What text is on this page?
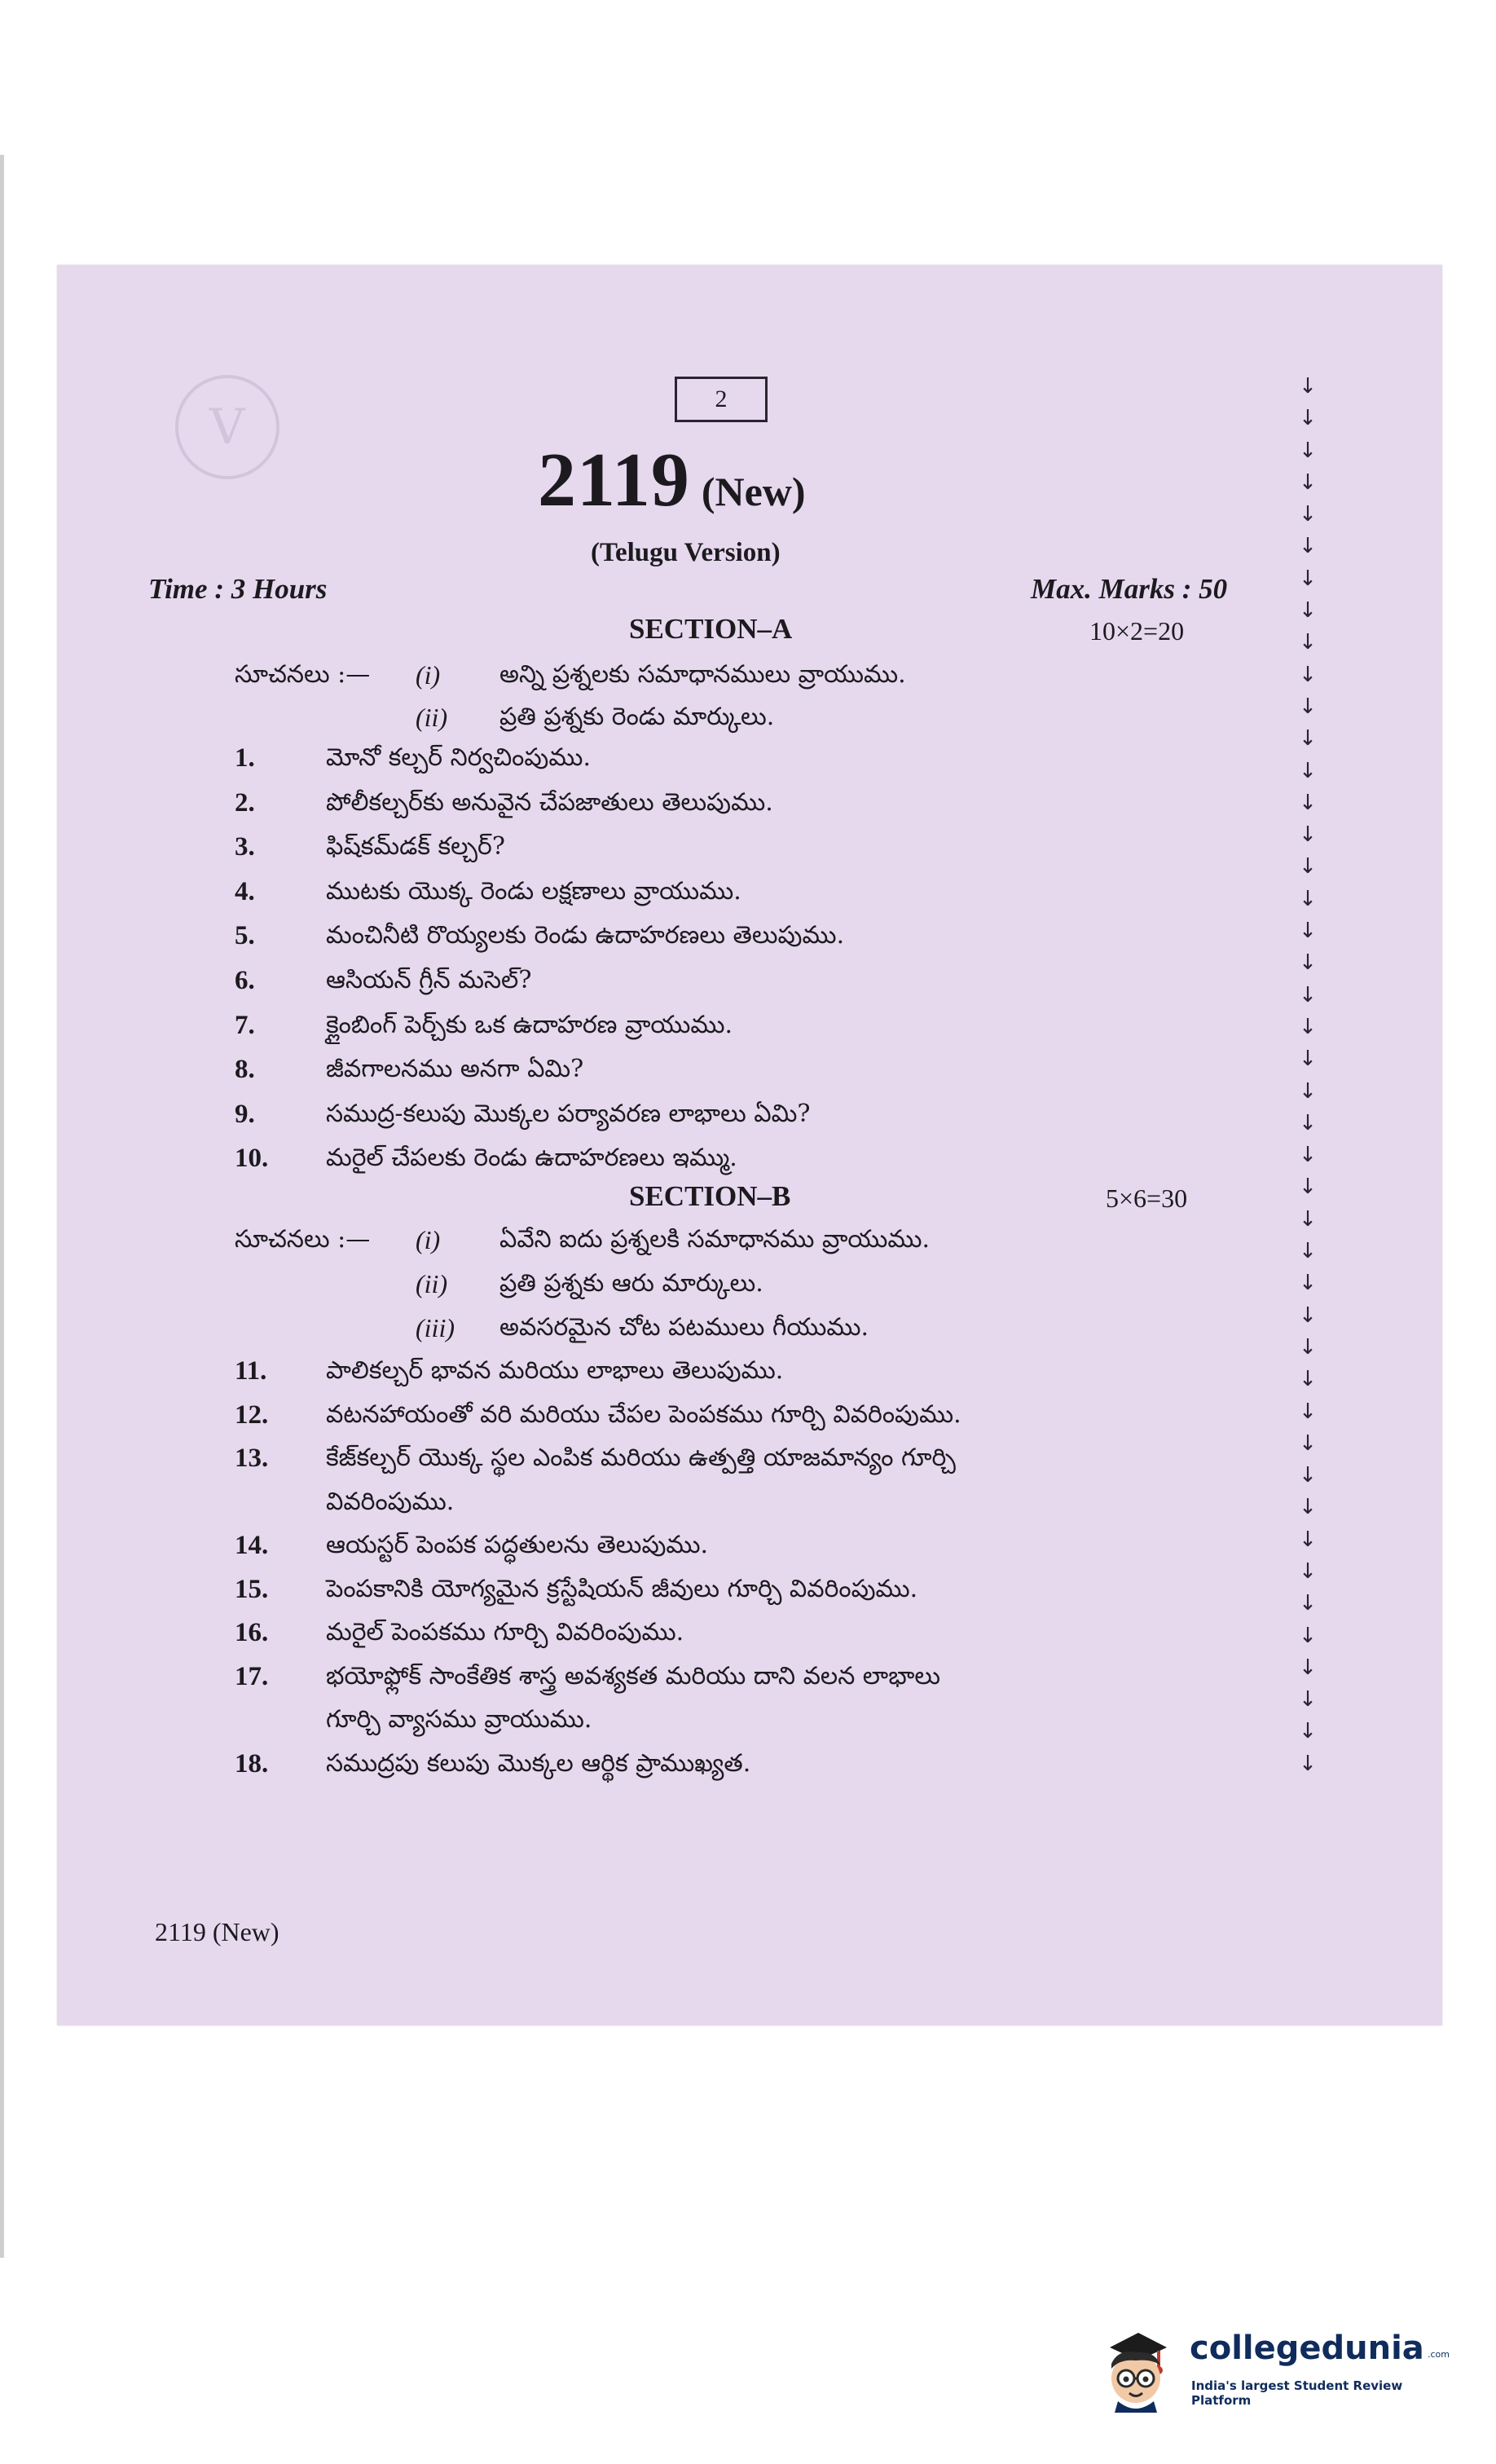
V
↓
↓
↓
↓
↓
↓
↓
↓
↓
↓
↓
↓
↓
↓
↓
↓
↓
↓
↓
↓
↓
↓
↓
↓
↓
↓
↓
↓
↓
↓
↓
↓
↓
↓
↓
↓
↓
↓
↓
↓
↓
↓
↓
↓
2
2119 (New)
(Telugu Version)
Time : 3 Hours	Max. Marks : 50
SECTION–A	10×2=20
సూచనలు :— (i) అన్ని ప్రశ్నలకు సమాధానములు వ్రాయుము.
(ii) ప్రతి ప్రశ్నకు రెండు మార్కులు.
1.	మోనో కల్చర్ నిర్వచింపుము.
2.	పోలీకల్చర్‌కు అనువైన చేపజాతులు తెలుపుము.
3.	ఫిష్‌కమ్‌డక్ కల్చర్?
4.	ముటకు యొక్క రెండు లక్షణాలు వ్రాయుము.
5.	మంచినీటి రొయ్యలకు రెండు ఉదాహరణలు తెలుపుము.
6.	ఆసియన్ గ్రీన్ మసెల్?
7.	క్లైంబింగ్ పెర్చ్‌కు ఒక ఉదాహరణ వ్రాయుము.
8.	జీవగాలనము అనగా ఏమి?
9.	సముద్ర-కలుపు మొక్కల పర్యావరణ లాభాలు ఏమి?
10. మరైల్ చేపలకు రెండు ఉదాహరణలు ఇమ్ము.
SECTION–B	5×6=30
సూచనలు :— (i) ఏవేని ఐదు ప్రశ్నలకి సమాధానము వ్రాయుము.
(ii) ప్రతి ప్రశ్నకు ఆరు మార్కులు.
(iii) అవసరమైన చోట పటములు గీయుము.
11. పాలికల్చర్ భావన మరియు లాభాలు తెలుపుము.
12. వటనహాయంతో వరి మరియు చేపల పెంపకము గూర్చి వివరింపుము.
13. కేజ్‌కల్చర్ యొక్క స్థల ఎంపిక మరియు ఉత్పత్తి యాజమాన్యం గూర్చి
వివరింపుము.
14. ఆయస్టర్ పెంపక పద్ధతులను తెలుపుము.
15. పెంపకానికి యోగ్యమైన క్రస్టేషియన్ జీవులు గూర్చి వివరింపుము.
16. మరైల్ పెంపకము గూర్చి వివరింపుము.
17. భయోఫ్లోక్ సాంకేతిక శాస్త్ర అవశ్యకత మరియు దాని వలన లాభాలు
గూర్చి వ్యాసము వ్రాయుము.
18. సముద్రపు కలుపు మొక్కల ఆర్థిక ప్రాముఖ్యత.
2119 (New)
collegedunia .com
India's largest Student Review Platform
